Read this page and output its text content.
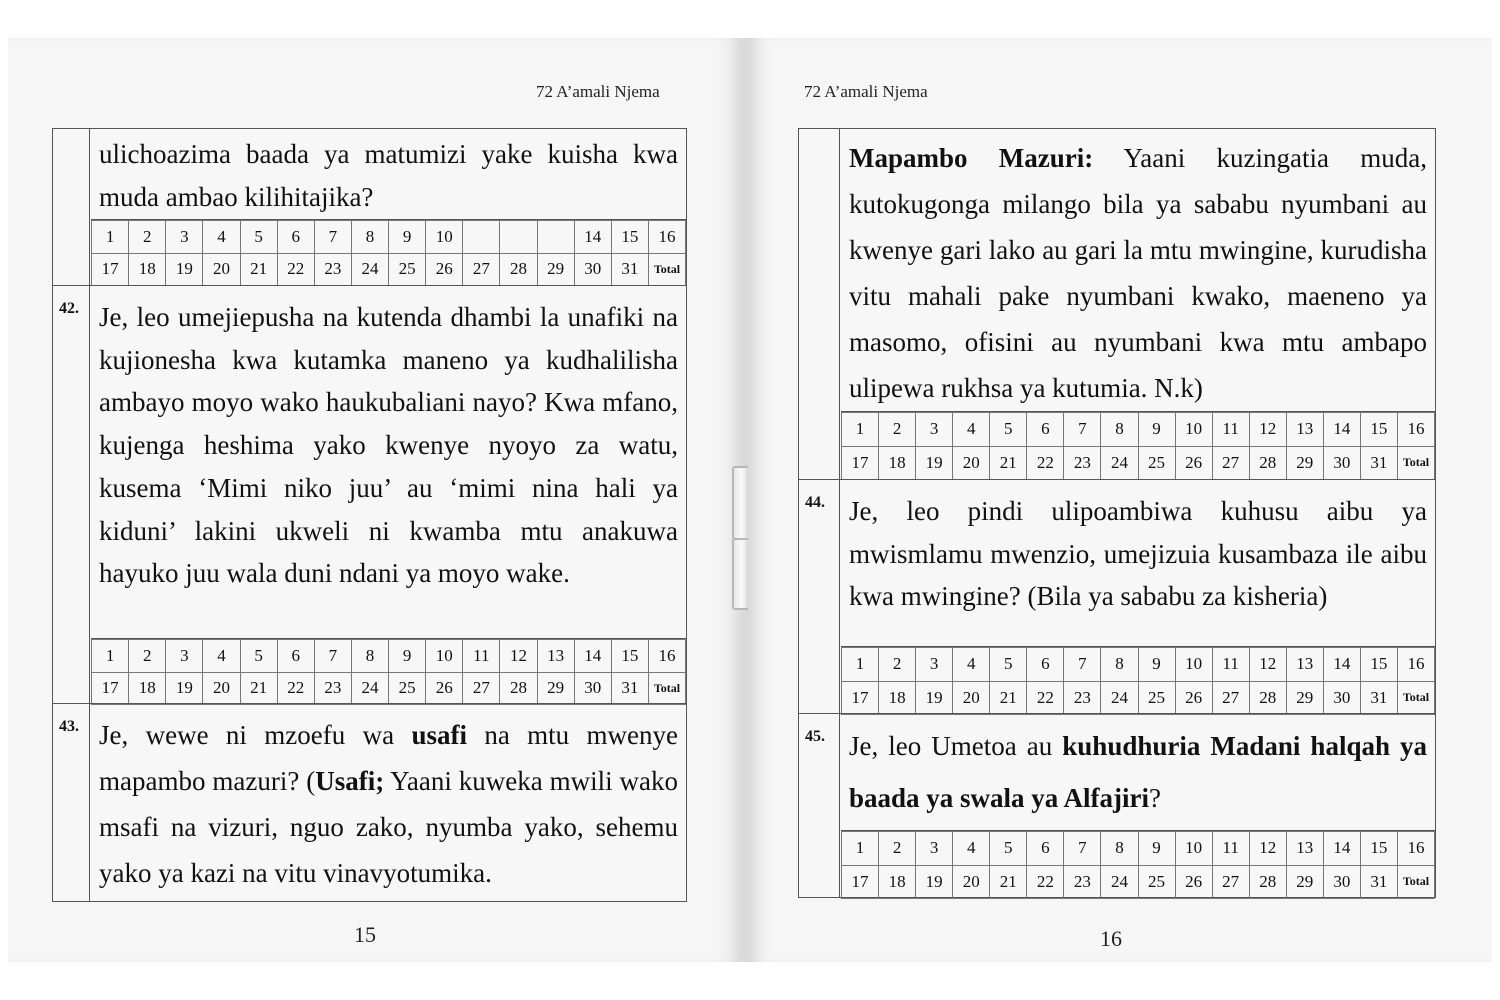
72 A’amali Njema
ulichoazima baada ya matumizi yake kuisha kwa muda ambao kilihitajika?
1	2	3	4	5	6	7	8	9	10				14	15	16
17	18	19	20	21	22	23	24	25	26	27	28	29	30	31	Total
42. Je, leo umejiepusha na kutenda dhambi la unafiki na kujionesha kwa kutamka maneno ya kudhalilisha ambayo moyo wako haukubaliani nayo? Kwa mfano, kujenga heshima yako kwenye nyoyo za watu, kusema ‘Mimi niko juu’ au ‘mimi nina hali ya kiduni’ lakini ukweli ni kwamba mtu anakuwa hayuko juu wala duni ndani ya moyo wake.
1	2	3	4	5	6	7	8	9	10	11	12	13	14	15	16
17	18	19	20	21	22	23	24	25	26	27	28	29	30	31	Total
43. Je, wewe ni mzoefu wa usafi na mtu mwenye mapambo mazuri? (Usafi; Yaani kuweka mwili wako msafi na vizuri, nguo zako, nyumba yako, sehemu yako ya kazi na vitu vinavyotumika.
15
72 A’amali Njema
Mapambo Mazuri: Yaani kuzingatia muda, kutokugonga milango bila ya sababu nyumbani au kwenye gari lako au gari la mtu mwingine, kurudisha vitu mahali pake nyumbani kwako, maeneno ya masomo, ofisini au nyumbani kwa mtu ambapo ulipewa rukhsa ya kutumia. N.k)
1	2	3	4	5	6	7	8	9	10	11	12	13	14	15	16
17	18	19	20	21	22	23	24	25	26	27	28	29	30	31	Total
44. Je, leo pindi ulipoambiwa kuhusu aibu ya mwismlamu mwenzio, umejizuia kusambaza ile aibu kwa mwingine? (Bila ya sababu za kisheria)
1	2	3	4	5	6	7	8	9	10	11	12	13	14	15	16
17	18	19	20	21	22	23	24	25	26	27	28	29	30	31	Total
45. Je, leo Umetoa au kuhudhuria Madani halqah ya baada ya swala ya Alfajiri?
1	2	3	4	5	6	7	8	9	10	11	12	13	14	15	16
17	18	19	20	21	22	23	24	25	26	27	28	29	30	31	Total
16
